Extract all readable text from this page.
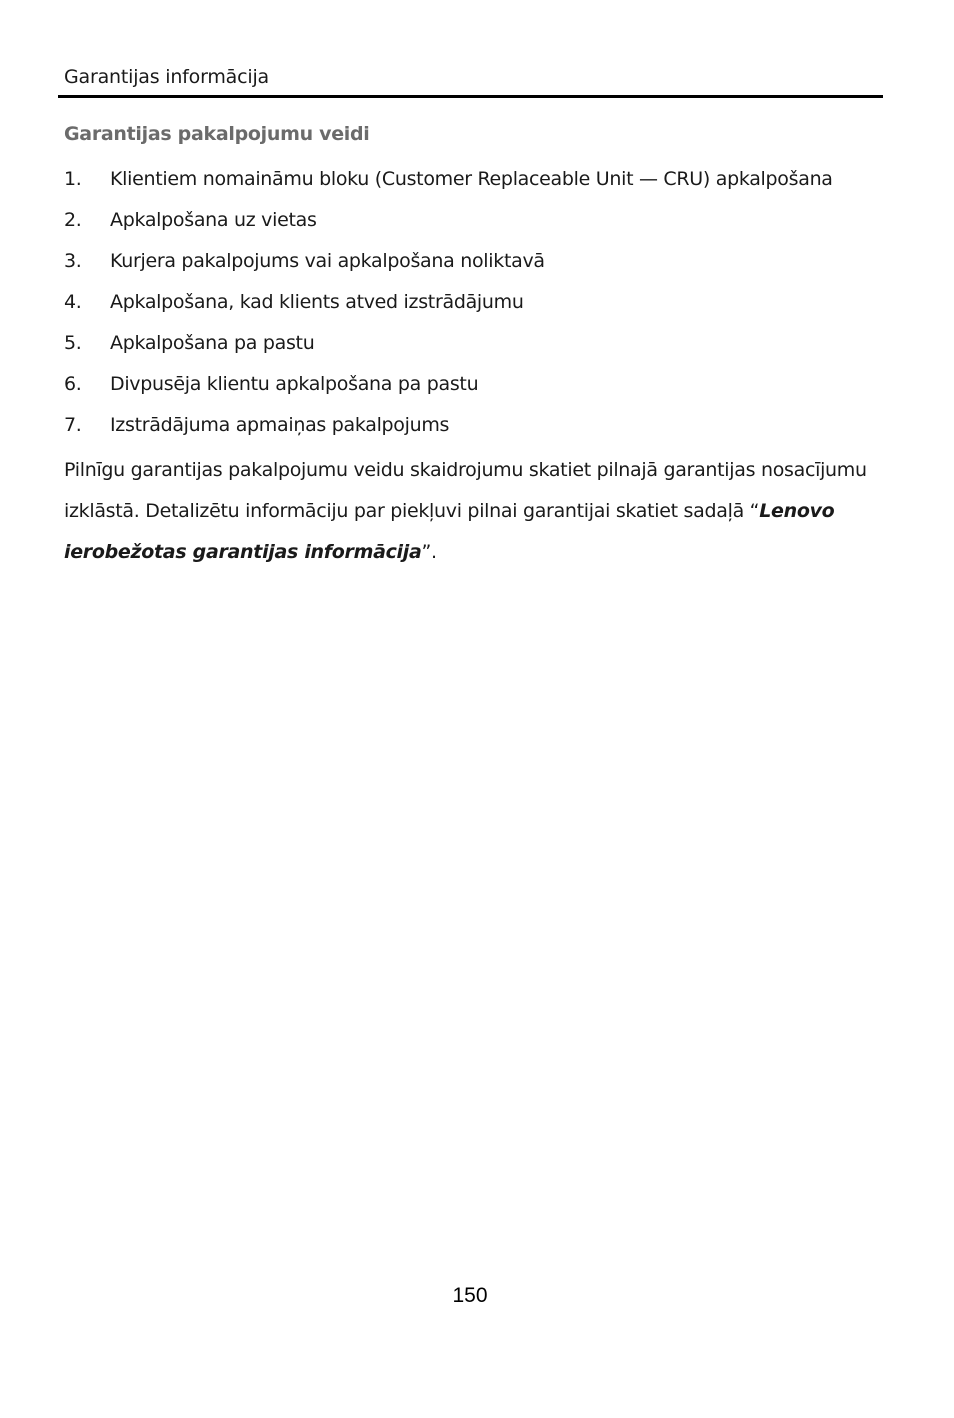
Garantijas informācija
Garantijas pakalpojumu veidi
1.	Klientiem nomaināmu bloku (Customer Replaceable Unit — CRU) apkalpošana
2.	Apkalpošana uz vietas
3.	Kurjera pakalpojums vai apkalpošana noliktavā
4.	Apkalpošana, kad klients atved izstrādājumu
5.	Apkalpošana pa pastu
6.	Divpusēja klientu apkalpošana pa pastu
7.	Izstrādājuma apmaiņas pakalpojums

Pilnīgu garantijas pakalpojumu veidu skaidrojumu skatiet pilnajā garantijas nosacījumu izklāstā. Detalizētu informāciju par piekļuvi pilnai garantijai skatiet sadaļā “Lenovo ierobežotas garantijas informācija”.

150
